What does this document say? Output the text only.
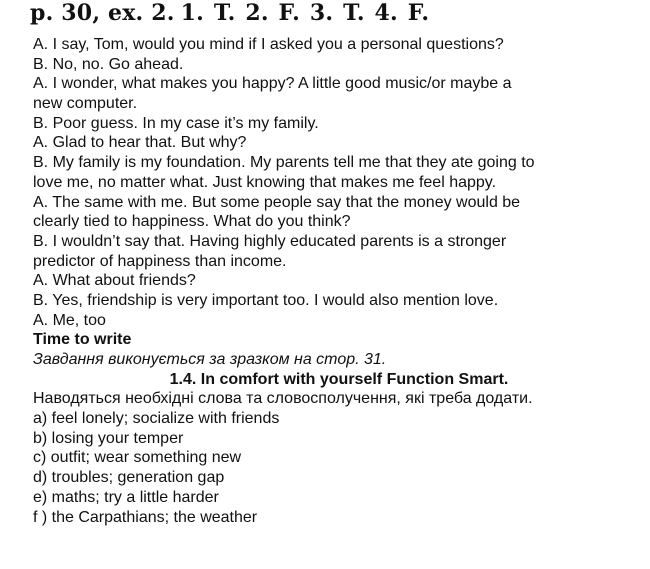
p. 30, ex. 2. 1. T. 2. F. 3. T. 4. F.
A. I say, Tom, would you mind if I asked you a personal questions?
B. No, no. Go ahead.
A. I wonder, what makes you happy? A little good music/or maybe a
new computer.
B. Poor guess. In my case it’s my family.
A. Glad to hear that. But why?
B. My family is my foundation. My parents tell me that they ate going to
love me, no matter what. Just knowing that makes me feel happy.
A. The same with me. But some people say that the money would be
clearly tied to happiness. What do you think?
B. I wouldn’t say that. Having highly educated parents is a stronger
predictor of happiness than income.
A. What about friends?
B. Yes, friendship is very important too. I would also mention love.
A. Me, too
Time to write
Завдання виконується за зразком на стор. 31.
1.4. In comfort with yourself Function Smart.
Наводяться необхідні слова та словосполучення, які треба додати.
a) feel lonely; socialize with friends
b) losing your temper
c) outfit; wear something new
d) troubles; generation gap
e) maths; try a little harder
f ) the Carpathians; the weather
